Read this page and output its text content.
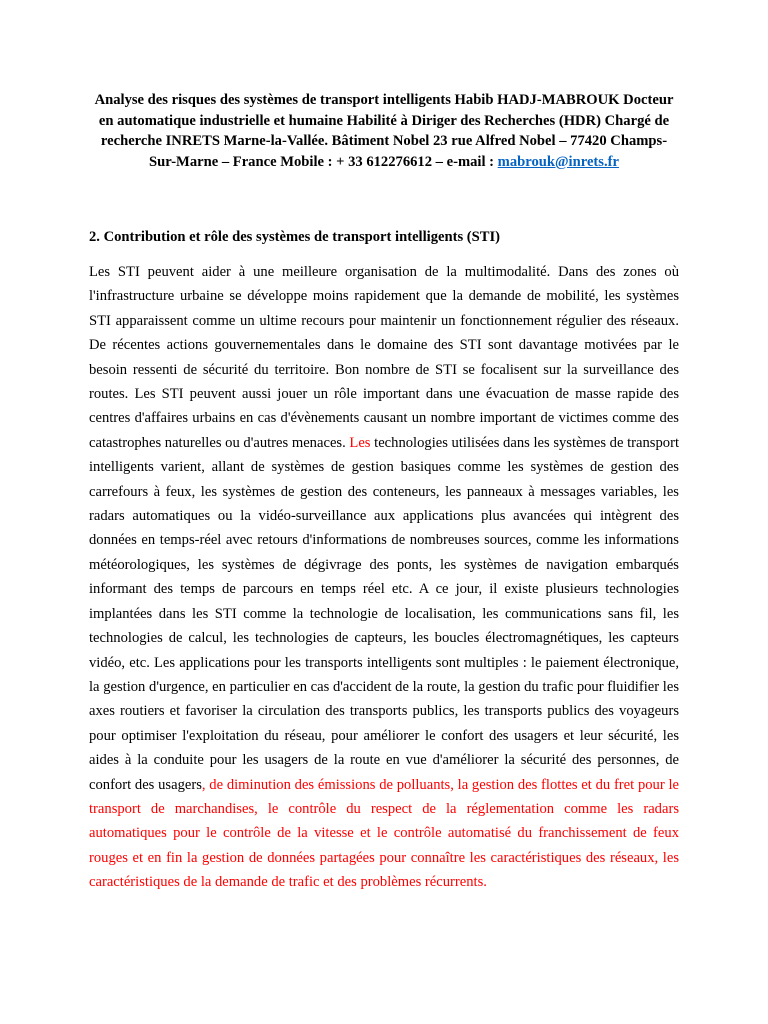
Analyse des risques des systèmes de transport intelligents Habib HADJ-MABROUK Docteur en automatique industrielle et humaine Habilité à Diriger des Recherches (HDR) Chargé de recherche INRETS Marne-la-Vallée. Bâtiment Nobel 23 rue Alfred Nobel – 77420 Champs-Sur-Marne – France Mobile : + 33 612276612 – e-mail : mabrouk@inrets.fr
2. Contribution et rôle des systèmes de transport intelligents (STI)
Les STI peuvent aider à une meilleure organisation de la multimodalité. Dans des zones où l'infrastructure urbaine se développe moins rapidement que la demande de mobilité, les systèmes STI apparaissent comme un ultime recours pour maintenir un fonctionnement régulier des réseaux. De récentes actions gouvernementales dans le domaine des STI sont davantage motivées par le besoin ressenti de sécurité du territoire. Bon nombre de STI se focalisent sur la surveillance des routes. Les STI peuvent aussi jouer un rôle important dans une évacuation de masse rapide des centres d'affaires urbains en cas d'évènements causant un nombre important de victimes comme des catastrophes naturelles ou d'autres menaces. Les technologies utilisées dans les systèmes de transport intelligents varient, allant de systèmes de gestion basiques comme les systèmes de gestion des carrefours à feux, les systèmes de gestion des conteneurs, les panneaux à messages variables, les radars automatiques ou la vidéo-surveillance aux applications plus avancées qui intègrent des données en temps-réel avec retours d'informations de nombreuses sources, comme les informations météorologiques, les systèmes de dégivrage des ponts, les systèmes de navigation embarqués informant des temps de parcours en temps réel etc. A ce jour, il existe plusieurs technologies implantées dans les STI comme la technologie de localisation, les communications sans fil, les technologies de calcul, les technologies de capteurs, les boucles électromagnétiques, les capteurs vidéo, etc. Les applications pour les transports intelligents sont multiples : le paiement électronique, la gestion d'urgence, en particulier en cas d'accident de la route, la gestion du trafic pour fluidifier les axes routiers et favoriser la circulation des transports publics, les transports publics des voyageurs pour optimiser l'exploitation du réseau, pour améliorer le confort des usagers et leur sécurité, les aides à la conduite pour les usagers de la route en vue d'améliorer la sécurité des personnes, de confort des usagers, de diminution des émissions de polluants, la gestion des flottes et du fret pour le transport de marchandises, le contrôle du respect de la réglementation comme les radars automatiques pour le contrôle de la vitesse et le contrôle automatisé du franchissement de feux rouges et en fin la gestion de données partagées pour connaître les caractéristiques des réseaux, les caractéristiques de la demande de trafic et des problèmes récurrents.
